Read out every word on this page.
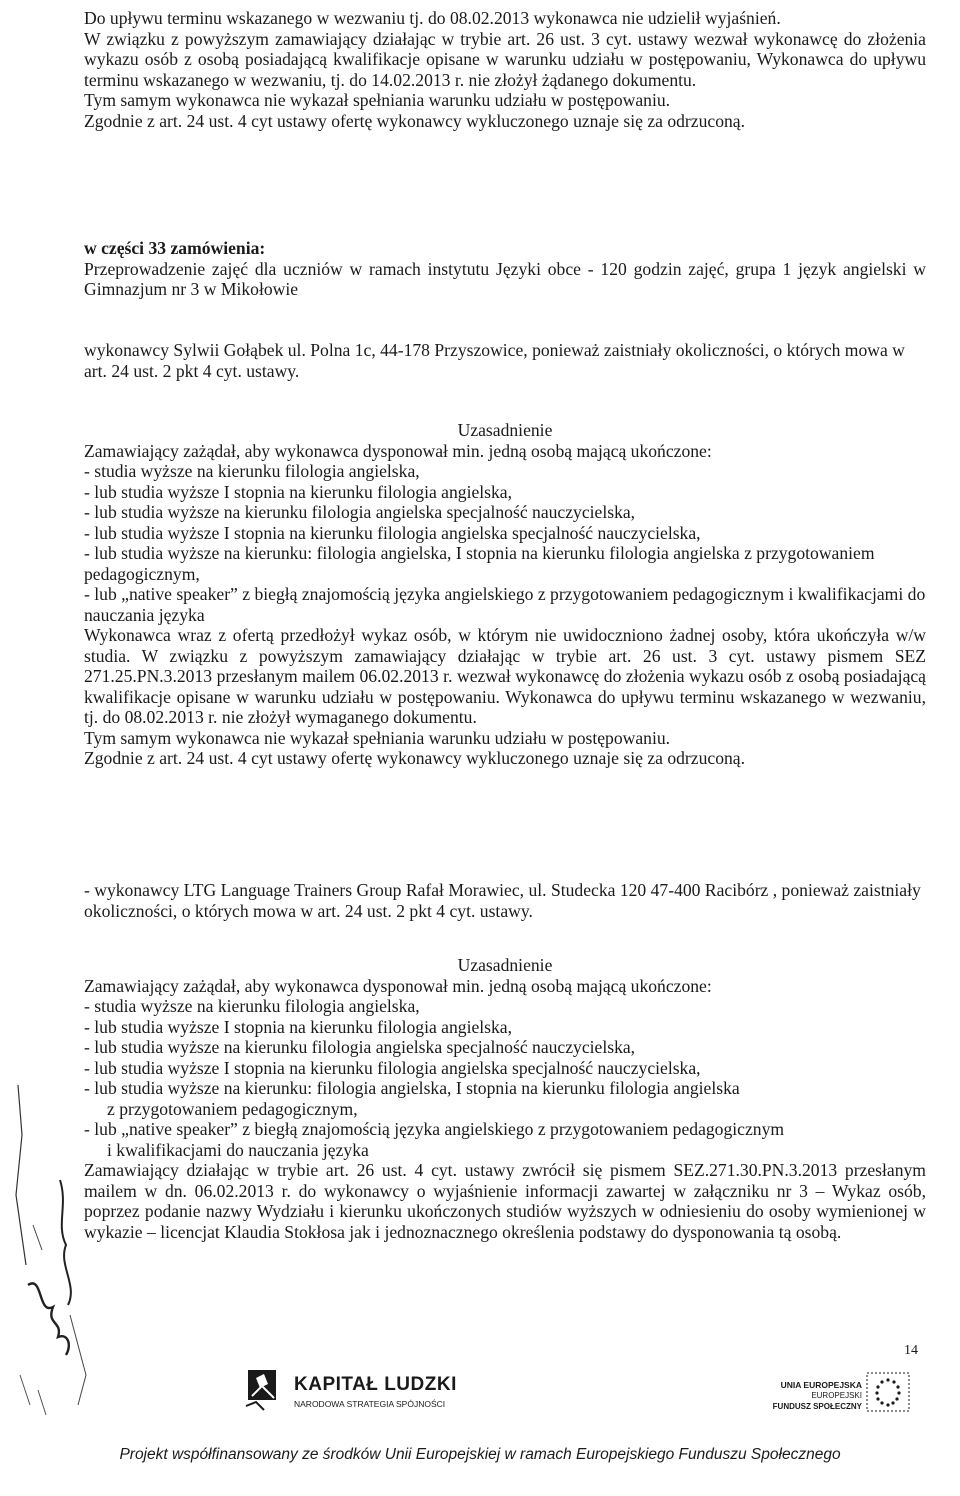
Do upływu terminu wskazanego w wezwaniu tj. do 08.02.2013 wykonawca nie udzielił wyjaśnień.

W związku z powyższym zamawiający działając w trybie art. 26 ust. 3 cyt. ustawy wezwał wykonawcę do złożenia wykazu osób z osobą posiadającą kwalifikacje opisane w warunku udziału w postępowaniu, Wykonawca do upływu terminu wskazanego w wezwaniu, tj. do 14.02.2013 r. nie złożył żądanego dokumentu.

Tym samym wykonawca nie wykazał spełniania warunku udziału w postępowaniu.

Zgodnie z art. 24 ust. 4 cyt ustawy ofertę wykonawcy wykluczonego uznaje się za odrzuconą.

w części 33 zamówienia:

Przeprowadzenie zajęć dla uczniów w ramach instytutu Języki obce - 120 godzin zajęć, grupa 1 język angielski w Gimnazjum nr 3 w Mikołowie

wykonawcy Sylwii Gołąbek ul. Polna 1c, 44-178 Przyszowice, ponieważ zaistniały okoliczności, o których mowa w art. 24 ust. 2 pkt 4 cyt. ustawy.

Uzasadnienie

Zamawiający zażądał, aby wykonawca dysponował min. jedną osobą mającą ukończone:

- studia wyższe na kierunku filologia angielska,

- lub studia wyższe I stopnia na kierunku filologia angielska,

- lub studia wyższe na kierunku filologia angielska specjalność nauczycielska,

- lub studia wyższe I stopnia na kierunku filologia angielska specjalność nauczycielska,

- lub studia wyższe na kierunku: filologia angielska, I stopnia na kierunku filologia angielska z przygotowaniem pedagogicznym,

- lub „native speaker” z biegłą znajomością języka angielskiego z przygotowaniem pedagogicznym i kwalifikacjami do nauczania języka

Wykonawca wraz z ofertą przedłożył wykaz osób, w którym nie uwidoczniono żadnej osoby, która ukończyła w/w studia. W związku z powyższym zamawiający działając w trybie art. 26 ust. 3 cyt. ustawy pismem SEZ 271.25.PN.3.2013 przesłanym mailem 06.02.2013 r. wezwał wykonawcę do złożenia wykazu osób z osobą posiadającą kwalifikacje opisane w warunku udziału w postępowaniu. Wykonawca do upływu terminu wskazanego w wezwaniu, tj. do 08.02.2013 r. nie złożył wymaganego dokumentu.

Tym samym wykonawca nie wykazał spełniania warunku udziału w postępowaniu.

Zgodnie z art. 24 ust. 4 cyt ustawy ofertę wykonawcy wykluczonego uznaje się za odrzuconą.

- wykonawcy LTG Language Trainers Group Rafał Morawiec, ul. Studecka 120 47-400 Racibórz , ponieważ zaistniały okoliczności, o których mowa w art. 24 ust. 2 pkt 4 cyt. ustawy.

Uzasadnienie

Zamawiający zażądał, aby wykonawca dysponował min. jedną osobą mającą ukończone:

- studia wyższe na kierunku filologia angielska,

- lub studia wyższe I stopnia na kierunku filologia angielska,

- lub studia wyższe na kierunku filologia angielska specjalność nauczycielska,

- lub studia wyższe I stopnia na kierunku filologia angielska specjalność nauczycielska,

- lub studia wyższe na kierunku: filologia angielska, I stopnia na kierunku filologia angielska

z przygotowaniem pedagogicznym,

- lub „native speaker” z biegłą znajomością języka angielskiego z przygotowaniem pedagogicznym

i kwalifikacjami do nauczania języka

Zamawiający działając w trybie art. 26 ust. 4 cyt. ustawy zwrócił się pismem SEZ.271.30.PN.3.2013 przesłanym mailem w dn. 06.02.2013 r. do wykonawcy o wyjaśnienie informacji zawartej w załączniku nr 3 – Wykaz osób, poprzez podanie nazwy Wydziału i kierunku ukończonych studiów wyższych w odniesieniu do osoby wymienionej w wykazie – licencjat Klaudia Stokłosa jak i jednoznacznego określenia podstawy do dysponowania tą osobą.

14
KAPITAŁ LUDZKI
NARODOWA STRATEGIA SPÓJNOŚCI
UNIA EUROPEJSKA
EUROPEJSKI
FUNDUSZ SPOŁECZNY
Projekt współfinansowany ze środków Unii Europejskiej w ramach Europejskiego Funduszu Społecznego
